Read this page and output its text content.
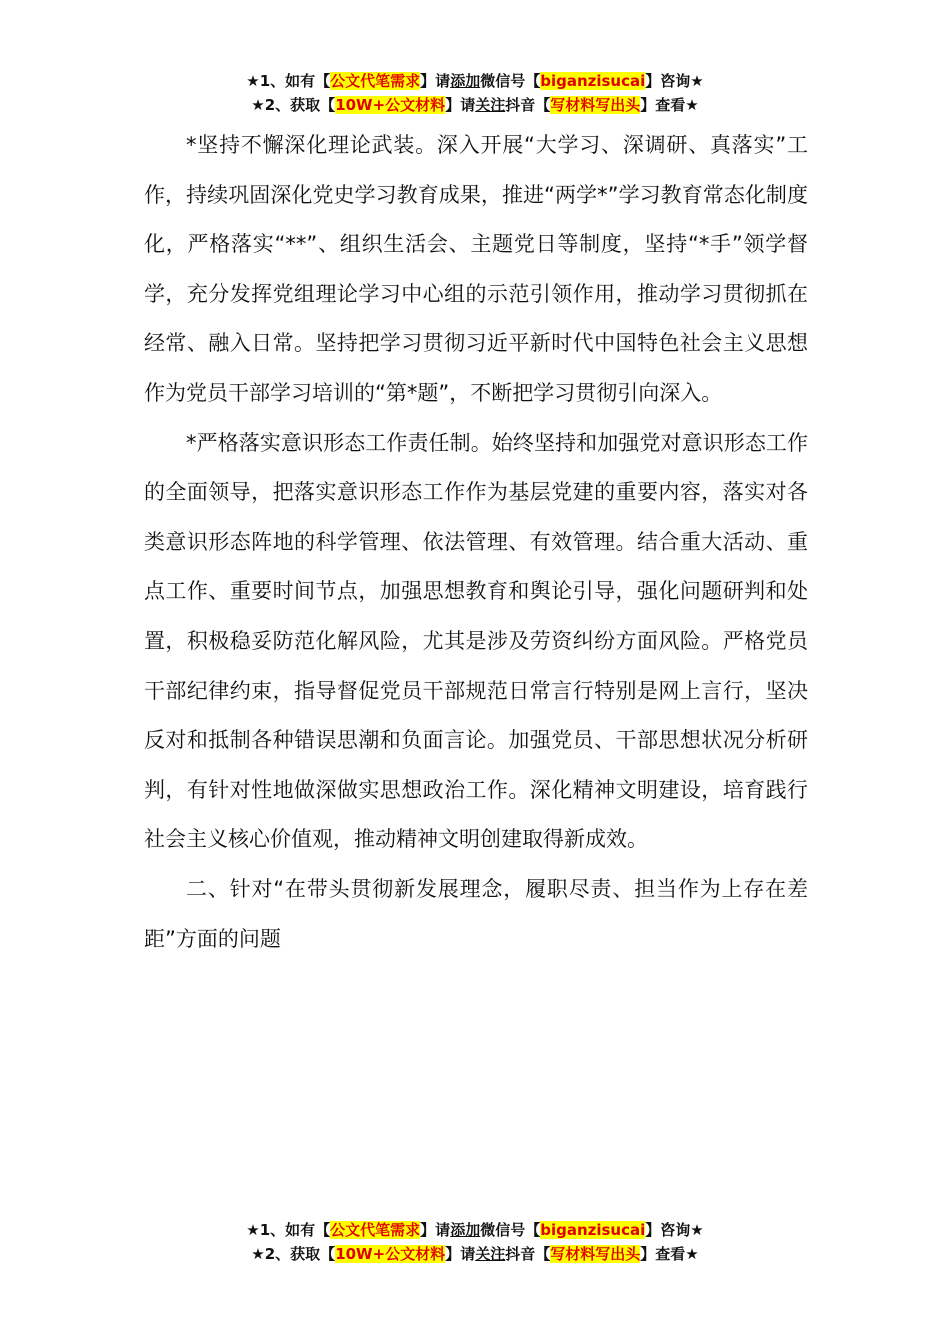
★1、如有【公文代笔需求】请添加微信号【biganzisucai】咨询★
★2、获取【10W+公文材料】请关注抖音【写材料写出头】查看★

*坚持不懈深化理论武装。深入开展“大学习、深调研、真落实”工作，持续巩固深化党史学习教育成果，推进“两学*”学习教育常态化制度化，严格落实“**”、组织生活会、主题党日等制度，坚持“*手”领学督学，充分发挥党组理论学习中心组的示范引领作用，推动学习贯彻抓在经常、融入日常。坚持把学习贯彻习近平新时代中国特色社会主义思想作为党员干部学习培训的“第*题”，不断把学习贯彻引向深入。

*严格落实意识形态工作责任制。始终坚持和加强党对意识形态工作的全面领导，把落实意识形态工作作为基层党建的重要内容，落实对各类意识形态阵地的科学管理、依法管理、有效管理。结合重大活动、重点工作、重要时间节点，加强思想教育和舆论引导，强化问题研判和处置，积极稳妥防范化解风险，尤其是涉及劳资纠纷方面风险。严格党员干部纪律约束，指导督促党员干部规范日常言行特别是网上言行，坚决反对和抵制各种错误思潮和负面言论。加强党员、干部思想状况分析研判，有针对性地做深做实思想政治工作。深化精神文明建设，培育践行社会主义核心价值观，推动精神文明创建取得新成效。

二、针对“在带头贯彻新发展理念，履职尽责、担当作为上存在差距”方面的问题

★1、如有【公文代笔需求】请添加微信号【biganzisucai】咨询★
★2、获取【10W+公文材料】请关注抖音【写材料写出头】查看★
